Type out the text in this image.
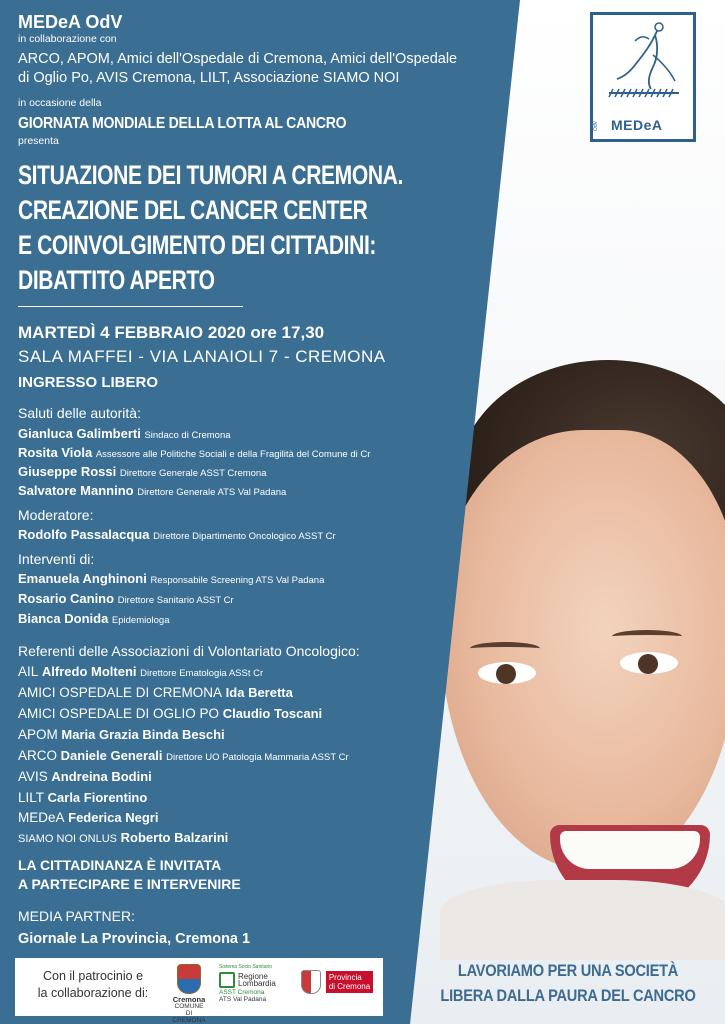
MEDeA OdV
in collaborazione con
ARCO, APOM, Amici dell'Ospedale di Cremona, Amici dell'Ospedale
di Oglio Po, AVIS Cremona, LILT, Associazione SIAMO NOI
in occasione della
GIORNATA MONDIALE DELLA LOTTA AL CANCRO
presenta
SITUAZIONE DEI TUMORI A CREMONA.
CREAZIONE DEL CANCER CENTER
E COINVOLGIMENTO DEI CITTADINI:
DIBATTITO APERTO
MARTEDÌ 4 FEBBRAIO 2020 ore 17,30
SALA MAFFEI - VIA LANAIOLI 7 - CREMONA
INGRESSO LIBERO
Saluti delle autorità:
Gianluca Galimberti Sindaco di Cremona
Rosita Viola Assessore alle Politiche Sociali e della Fragilità del Comune di Cr
Giuseppe Rossi Direttore Generale ASST Cremona
Salvatore Mannino Direttore Generale ATS Val Padana
Moderatore:
Rodolfo Passalacqua Direttore Dipartimento Oncologico ASST Cr
Interventi di:
Emanuela Anghinoni Responsabile Screening ATS Val Padana
Rosario Canino Direttore Sanitario ASST Cr
Bianca Donida Epidemiologa
Referenti delle Associazioni di Volontariato Oncologico:
AIL Alfredo Molteni Direttore Ematologia ASSt Cr
AMICI OSPEDALE DI CREMONA Ida Beretta
AMICI OSPEDALE DI OGLIO PO Claudio Toscani
APOM Maria Grazia Binda Beschi
ARCO Daniele Generali Direttore UO Patologia Mammaria ASST Cr
AVIS Andreina Bodini
LILT Carla Fiorentino
MEDeA Federica Negri
SIAMO NOI ONLUS Roberto Balzarini
LA CITTADINANZA È INVITATA
A PARTECIPARE E INTERVENIRE
MEDIA PARTNER:
Giornale La Provincia, Cremona 1
Con il patrocinio e
la collaborazione di:	Cremona
COMUNE
DI CREMONA
Sistema Socio Sanitario
Regione
Lombardia
ASST Cremona
ATS Val Padana

Provincia
di Cremona
OdV MEDeA
LAVORIAMO PER UNA SOCIETÀ
LIBERA DALLA PAURA DEL CANCRO
